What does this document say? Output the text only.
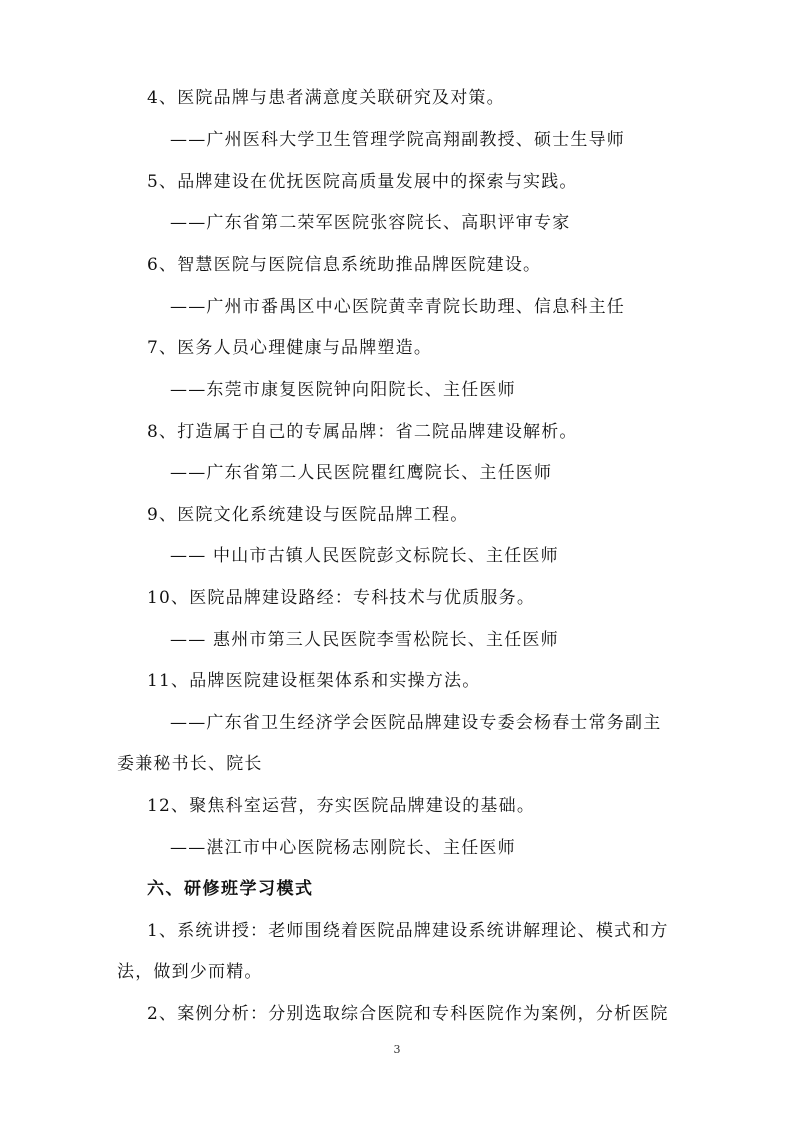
4、医院品牌与患者满意度关联研究及对策。
——广州医科大学卫生管理学院高翔副教授、硕士生导师
5、品牌建设在优抚医院高质量发展中的探索与实践。
——广东省第二荣军医院张容院长、高职评审专家
6、智慧医院与医院信息系统助推品牌医院建设。
——广州市番禺区中心医院黄幸青院长助理、信息科主任
7、医务人员心理健康与品牌塑造。
——东莞市康复医院钟向阳院长、主任医师
8、打造属于自己的专属品牌：省二院品牌建设解析。
——广东省第二人民医院瞿红鹰院长、主任医师
9、医院文化系统建设与医院品牌工程。
—— 中山市古镇人民医院彭文标院长、主任医师
10、医院品牌建设路经：专科技术与优质服务。
—— 惠州市第三人民医院李雪松院长、主任医师
11、品牌医院建设框架体系和实操方法。
——广东省卫生经济学会医院品牌建设专委会杨春士常务副主
委兼秘书长、院长
12、聚焦科室运营，夯实医院品牌建设的基础。
——湛江市中心医院杨志刚院长、主任医师
六、研修班学习模式
1、系统讲授：老师围绕着医院品牌建设系统讲解理论、模式和方
法，做到少而精。
2、案例分析：分别选取综合医院和专科医院作为案例，分析医院
3
